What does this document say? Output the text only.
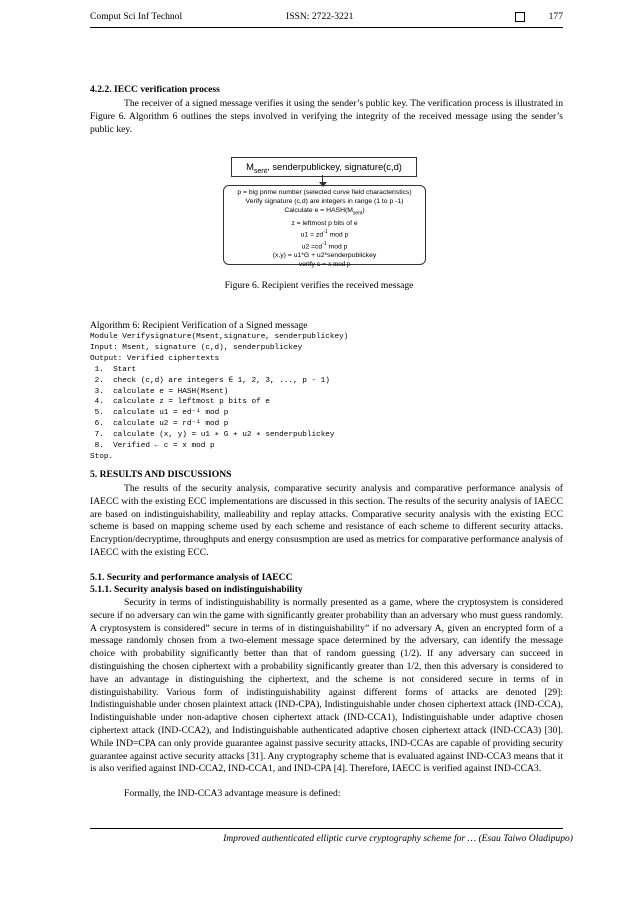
Comput Sci Inf Technol	ISSN: 2722-3221	177
4.2.2. IECC verification process
The receiver of a signed message verifies it using the sender’s public key. The verification process is illustrated in Figure 6. Algorithm 6 outlines the steps involved in verifying the integrity of the received message using the sender’s public key.
$M_{sent}$, senderpublickey, signature(c,d)
p = big prime number (selected curve field characteristics)
Verify signature (c,d) are integers in range (1 to p -1)
Calculate $e = HASH(M_{sent})$
z = leftmost p bits of e
$u1 = zd^{-1}$ mod p
$u2 =cd^{-1}$ mod p
(x,y) = u1*G + u2*senderpublickey
verify c = x mod p
Figure 6. Recipient verifies the received message
Algorithm 6: Recipient Verification of a Signed message
Module Verifysignature(Msent,signature, senderpublickey)
Input: Msent, signature (c,d), senderpublickey
Output: Verified ciphertexts
1.  Start
2.  check (c,d) are integers ∈ 1, 2, 3, ..., p - 1)
3.  calculate e = HASH(Msent)
4.  calculate z = leftmost p bits of e
5.  calculate u1 = ed⁻¹ mod p
6.  calculate u2 = rd⁻¹ mod p
7.  calculate (x, y) = u1 ∗ G + u2 ∗ senderpublickey
8.  Verified ← c = x mod p
Stop.
5. RESULTS AND DISCUSSIONS
The results of the security analysis, comparative security analysis and comparative performance analysis of IAECC with the existing ECC implementations are discussed in this section. The results of the security analysis of IAECC are based on indistinguishability, malleability and replay attacks. Comparative security analysis with the existing ECC scheme is based on mapping scheme used by each scheme and resistance of each scheme to different security attacks. Encryption/decryptime, throughputs and energy consusmption are used as metrics for comparative performance analysis of IAECC with the existing ECC.
5.1. Security and performance analysis of IAECC
5.1.1. Security analysis based on indistinguishability
Security in terms of indistinguishability is normally presented as a game, where the cryptosystem is considered secure if no adversary can win the game with significantly greater probability than an adversary who must guess randomly. A cryptosystem is considered” secure in terms of in distinguishability” if no adversary A, given an encrypted form of a message randomly chosen from a two-element message space determined by the adversary, can identify the message choice with probability significantly better than that of random guessing (1/2). If any adversary can succeed in distinguishing the chosen ciphertext with a probability significantly greater than 1/2, then this adversary is considered to have an advantage in distinguishing the ciphertext, and the scheme is not considered secure in terms of in distinguishability. Various form of indistinguishability against different forms of attacks are denoted [29]: Indistinguishable under chosen plaintext attack (IND-CPA), Indistinguishable under chosen ciphertext attack (IND-CCA), Indistinguishable under non-adaptive chosen ciphertext attack (IND-CCA1), Indistinguishable under adaptive chosen ciphertext attack (IND-CCA2), and Indistinguishable authenticated adaptive chosen ciphertext attack (IND-CCA3) [30]. While IND=CPA can only provide guarantee against passive security attacks, IND-CCAs are capable of providing security guarantee against active security attacks [31]. Any cryptography scheme that is evaluated against IND-CCA3 means that it is also verified against IND-CCA2, IND-CCA1, and IND-CPA [4]. Therefore, IAECC is verified against IND-CCA3.
Formally, the IND-CCA3 advantage measure is defined:
Improved authenticated elliptic curve cryptography scheme for … (Esau Taiwo Oladipupo)
